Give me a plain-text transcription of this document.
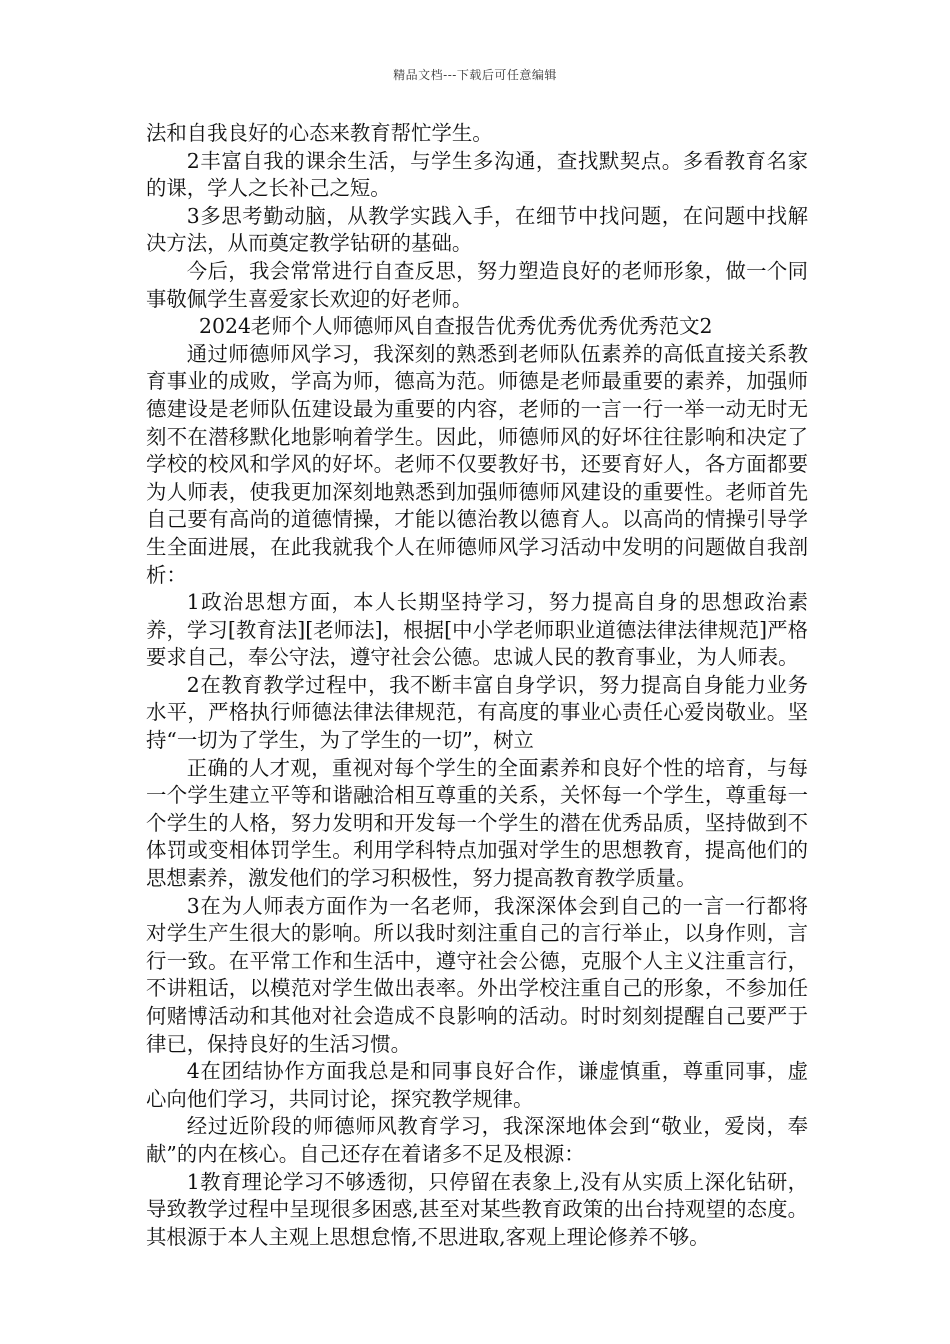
精品文档---下载后可任意编辑

法和自我良好的心态来教育帮忙学生。

2丰富自我的课余生活，与学生多沟通，查找默契点。多看教育名家的课，学人之长补己之短。

3多思考勤动脑，从教学实践入手，在细节中找问题，在问题中找解决方法，从而奠定教学钻研的基础。

今后，我会常常进行自查反思，努力塑造良好的老师形象，做一个同事敬佩学生喜爱家长欢迎的好老师。

2024老师个人师德师风自查报告优秀优秀优秀优秀范文2

通过师德师风学习，我深刻的熟悉到老师队伍素养的高低直接关系教育事业的成败，学高为师，德高为范。师德是老师最重要的素养，加强师德建设是老师队伍建设最为重要的内容，老师的一言一行一举一动无时无刻不在潜移默化地影响着学生。因此，师德师风的好坏往往影响和决定了学校的校风和学风的好坏。老师不仅要教好书，还要育好人，各方面都要为人师表，使我更加深刻地熟悉到加强师德师风建设的重要性。老师首先自己要有高尚的道德情操，才能以德治教以德育人。以高尚的情操引导学生全面进展，在此我就我个人在师德师风学习活动中发明的问题做自我剖析：

1政治思想方面，本人长期坚持学习，努力提高自身的思想政治素养，学习[教育法][老师法]，根据[中小学老师职业道德法律法律规范]严格要求自己，奉公守法，遵守社会公德。忠诚人民的教育事业，为人师表。

2在教育教学过程中，我不断丰富自身学识，努力提高自身能力业务水平，严格执行师德法律法律规范，有高度的事业心责任心爱岗敬业。坚持“一切为了学生，为了学生的一切”，树立

正确的人才观，重视对每个学生的全面素养和良好个性的培育，与每一个学生建立平等和谐融洽相互尊重的关系，关怀每一个学生，尊重每一个学生的人格，努力发明和开发每一个学生的潜在优秀品质，坚持做到不体罚或变相体罚学生。利用学科特点加强对学生的思想教育，提高他们的思想素养，激发他们的学习积极性，努力提高教育教学质量。

3在为人师表方面作为一名老师，我深深体会到自己的一言一行都将对学生产生很大的影响。所以我时刻注重自己的言行举止，以身作则，言行一致。在平常工作和生活中，遵守社会公德，克服个人主义注重言行，不讲粗话，以模范对学生做出表率。外出学校注重自己的形象，不参加任何赌博活动和其他对社会造成不良影响的活动。时时刻刻提醒自己要严于律已，保持良好的生活习惯。

4在团结协作方面我总是和同事良好合作，谦虚慎重，尊重同事，虚心向他们学习，共同讨论，探究教学规律。

经过近阶段的师德师风教育学习，我深深地体会到“敬业，爱岗，奉献”的内在核心。自己还存在着诸多不足及根源：

1教育理论学习不够透彻，只停留在表象上,没有从实质上深化钻研，导致教学过程中呈现很多困惑,甚至对某些教育政策的出台持观望的态度。其根源于本人主观上思想怠惰,不思进取,客观上理论修养不够。
